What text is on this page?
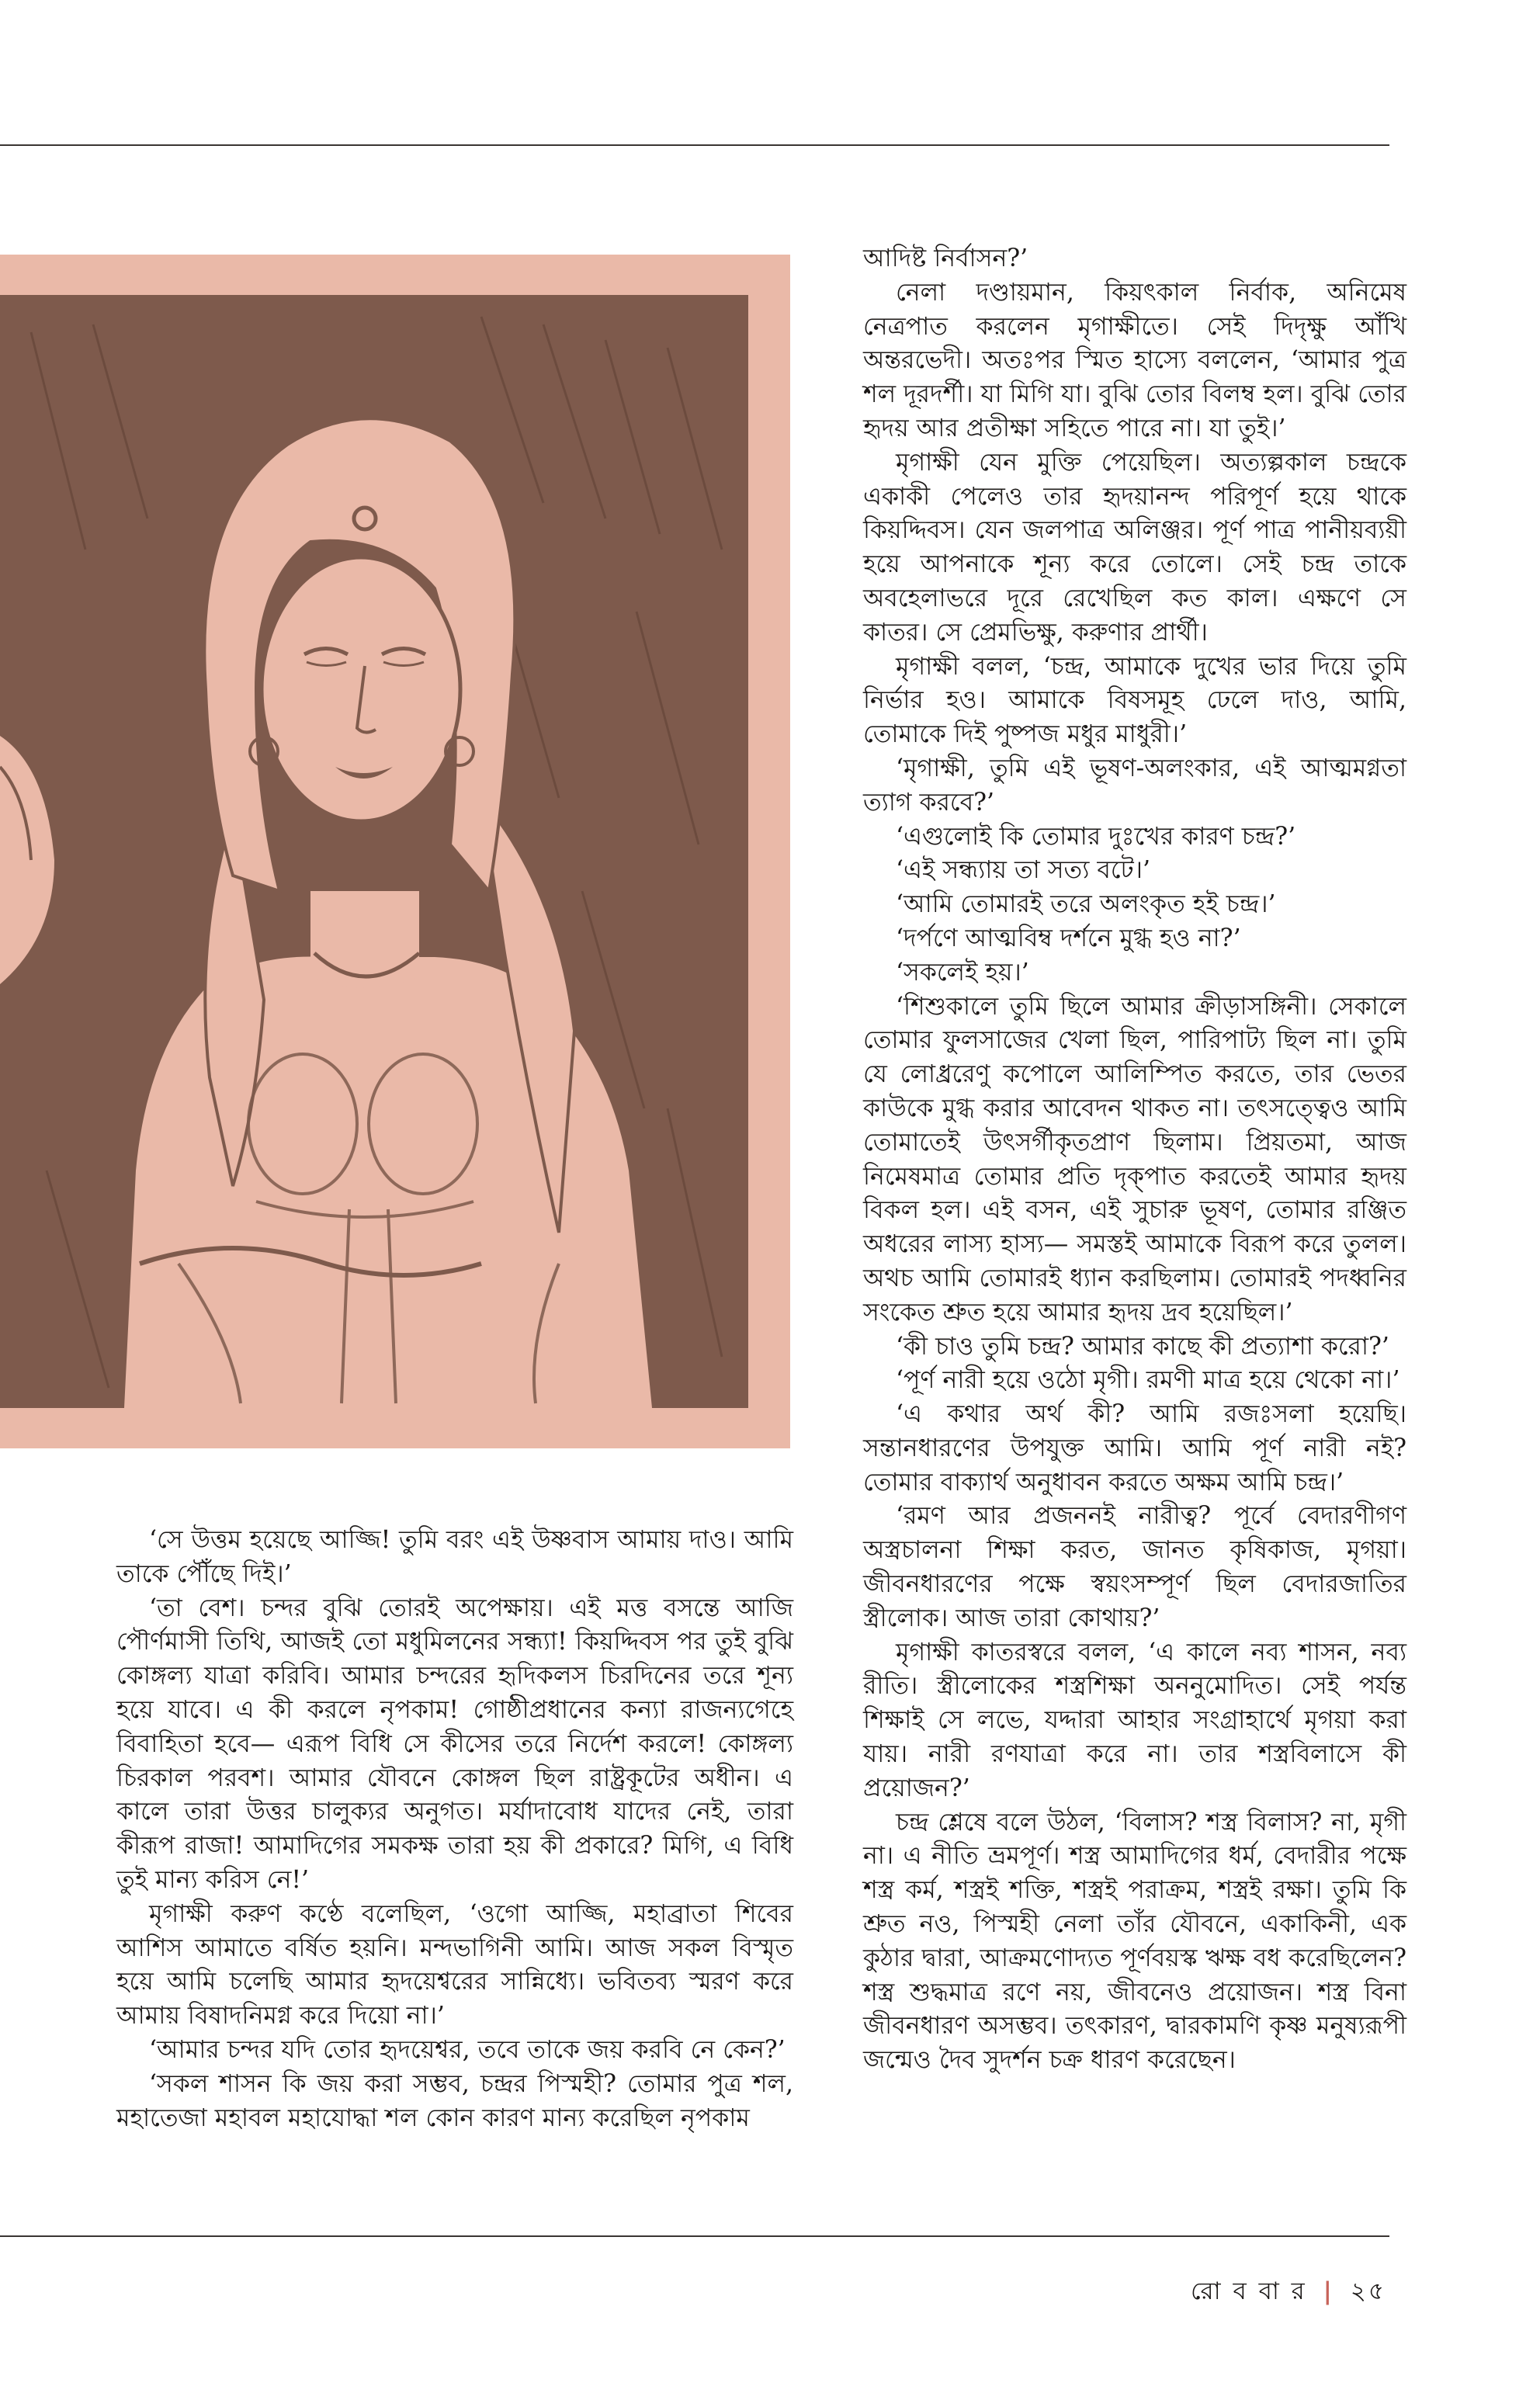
আদিষ্ট নির্বাসন?’

নেলা দণ্ডায়মান, কিয়ৎকাল নির্বাক, অনিমেষ নেত্রপাত করলেন মৃগাক্ষীতে। সেই দিদৃক্ষু আঁখি অন্তরভেদী। অতঃপর স্মিত হাস্যে বললেন, ‘আমার পুত্র শল দূরদর্শী। যা মিগি যা। বুঝি তোর বিলম্ব হল। বুঝি তোর হৃদয় আর প্রতীক্ষা সহিতে পারে না। যা তুই।’

মৃগাক্ষী যেন মুক্তি পেয়েছিল। অত্যল্পকাল চন্দ্রকে একাকী পেলেও তার হৃদয়ানন্দ পরিপূর্ণ হয়ে থাকে কিয়দ্দিবস। যেন জলপাত্র অলিঞ্জর। পূর্ণ পাত্র পানীয়ব্যয়ী হয়ে আপনাকে শূন্য করে তোলে। সেই চন্দ্র তাকে অবহেলাভরে দূরে রেখেছিল কত কাল। এক্ষণে সে কাতর। সে প্রেমভিক্ষু, করুণার প্রার্থী।

মৃগাক্ষী বলল, ‘চন্দ্র, আমাকে দুখের ভার দিয়ে তুমি নির্ভার হও। আমাকে বিষসমূহ ঢেলে দাও, আমি, তোমাকে দিই পুষ্পজ মধুর মাধুরী।’

‘মৃগাক্ষী, তুমি এই ভূষণ-অলংকার, এই আত্মমগ্নতা ত্যাগ করবে?’

‘এগুলোই কি তোমার দুঃখের কারণ চন্দ্র?’

‘এই সন্ধ্যায় তা সত্য বটে।’

‘আমি তোমারই তরে অলংকৃত হই চন্দ্র।’

‘দর্পণে আত্মবিম্ব দর্শনে মুগ্ধ হও না?’

‘সকলেই হয়।’

‘শিশুকালে তুমি ছিলে আমার ক্রীড়াসঙ্গিনী। সেকালে তোমার ফুলসাজের খেলা ছিল, পারিপাট্য ছিল না। তুমি যে লোধ্ররেণু কপোলে আলিম্পিত করতে, তার ভেতর কাউকে মুগ্ধ করার আবেদন থাকত না। তৎসত্ত্বেও আমি তোমাতেই উৎসর্গীকৃতপ্রাণ ছিলাম। প্রিয়তমা, আজ নিমেষমাত্র তোমার প্রতি দৃক্‌পাত করতেই আমার হৃদয় বিকল হল। এই বসন, এই সুচারু ভূষণ, তোমার রঞ্জিত অধরের লাস্য হাস্য— সমস্তই আমাকে বিরূপ করে তুলল। অথচ আমি তোমারই ধ্যান করছিলাম। তোমারই পদধ্বনির সংকেত শ্রুত হয়ে আমার হৃদয় দ্রব হয়েছিল।’

‘কী চাও তুমি চন্দ্র? আমার কাছে কী প্রত্যাশা করো?’

‘পূর্ণ নারী হয়ে ওঠো মৃগী। রমণী মাত্র হয়ে থেকো না।’

‘এ কথার অর্থ কী? আমি রজঃসলা হয়েছি। সন্তানধারণের উপযুক্ত আমি। আমি পূর্ণ নারী নই? তোমার বাক্যার্থ অনুধাবন করতে অক্ষম আমি চন্দ্র।’

‘রমণ আর প্রজননই নারীত্ব? পূর্বে বেদারণীগণ অস্ত্রচালনা শিক্ষা করত, জানত কৃষিকাজ, মৃগয়া। জীবনধারণের পক্ষে স্বয়ংসম্পূর্ণ ছিল বেদারজাতির স্ত্রীলোক। আজ তারা কোথায়?’

মৃগাক্ষী কাতরস্বরে বলল, ‘এ কালে নব্য শাসন, নব্য রীতি। স্ত্রীলোকের শস্ত্রশিক্ষা অননুমোদিত। সেই পর্যন্ত শিক্ষাই সে লভে, যদ্দারা আহার সংগ্রাহার্থে মৃগয়া করা যায়। নারী রণযাত্রা করে না। তার শস্ত্রবিলাসে কী প্রয়োজন?’

চন্দ্র শ্লেষে বলে উঠল, ‘বিলাস? শস্ত্র বিলাস? না, মৃগী না। এ নীতি ভ্রমপূর্ণ। শস্ত্র আমাদিগের ধর্ম, বেদারীর পক্ষে শস্ত্র কর্ম, শস্ত্রই শক্তি, শস্ত্রই পরাক্রম, শস্ত্রই রক্ষা। তুমি কি শ্রুত নও, পিস্মহী নেলা তাঁর যৌবনে, একাকিনী, এক কুঠার দ্বারা, আক্রমণোদ্যত পূর্ণবয়স্ক ঋক্ষ বধ করেছিলেন? শস্ত্র শুদ্ধমাত্র রণে নয়, জীবনেও প্রয়োজন। শস্ত্র বিনা জীবনধারণ অসম্ভব। তৎকারণ, দ্বারকামণি কৃষ্ণ মনুষ্যরূপী জন্মেও দৈব সুদর্শন চক্র ধারণ করেছেন।

‘সে উত্তম হয়েছে আজ্জি! তুমি বরং এই উষ্ণবাস আমায় দাও। আমি তাকে পৌঁছে দিই।’

‘তা বেশ। চন্দর বুঝি তোরই অপেক্ষায়। এই মত্ত বসন্তে আজি পৌর্ণমাসী তিথি, আজই তো মধুমিলনের সন্ধ্যা! কিয়দ্দিবস পর তুই বুঝি কোঙ্গল্য যাত্রা করিবি। আমার চন্দরের হৃদিকলস চিরদিনের তরে শূন্য হয়ে যাবে। এ কী করলে নৃপকাম! গোষ্ঠীপ্রধানের কন্যা রাজন্যগেহে বিবাহিতা হবে— এরূপ বিধি সে কীসের তরে নির্দেশ করলে! কোঙ্গল্য চিরকাল পরবশ। আমার যৌবনে কোঙ্গল ছিল রাষ্ট্রকূটের অধীন। এ কালে তারা উত্তর চালুক্যর অনুগত। মর্যাদাবোধ যাদের নেই, তারা কীরূপ রাজা! আমাদিগের সমকক্ষ তারা হয় কী প্রকারে? মিগি, এ বিধি তুই মান্য করিস নে!’

মৃগাক্ষী করুণ কণ্ঠে বলেছিল, ‘ওগো আজ্জি, মহাব্রাতা শিবের আশিস আমাতে বর্ষিত হয়নি। মন্দভাগিনী আমি। আজ সকল বিস্মৃত হয়ে আমি চলেছি আমার হৃদয়েশ্বরের সান্নিধ্যে। ভবিতব্য স্মরণ করে আমায় বিষাদনিমগ্ন করে দিয়ো না।’

‘আমার চন্দর যদি তোর হৃদয়েশ্বর, তবে তাকে জয় করবি নে কেন?’

‘সকল শাসন কি জয় করা সম্ভব, চন্দ্রর পিস্মহী? তোমার পুত্র শল, মহাতেজা মহাবল মহাযোদ্ধা শল কোন কারণ মান্য করেছিল নৃপকাম

রো ব বা র | ২৫
